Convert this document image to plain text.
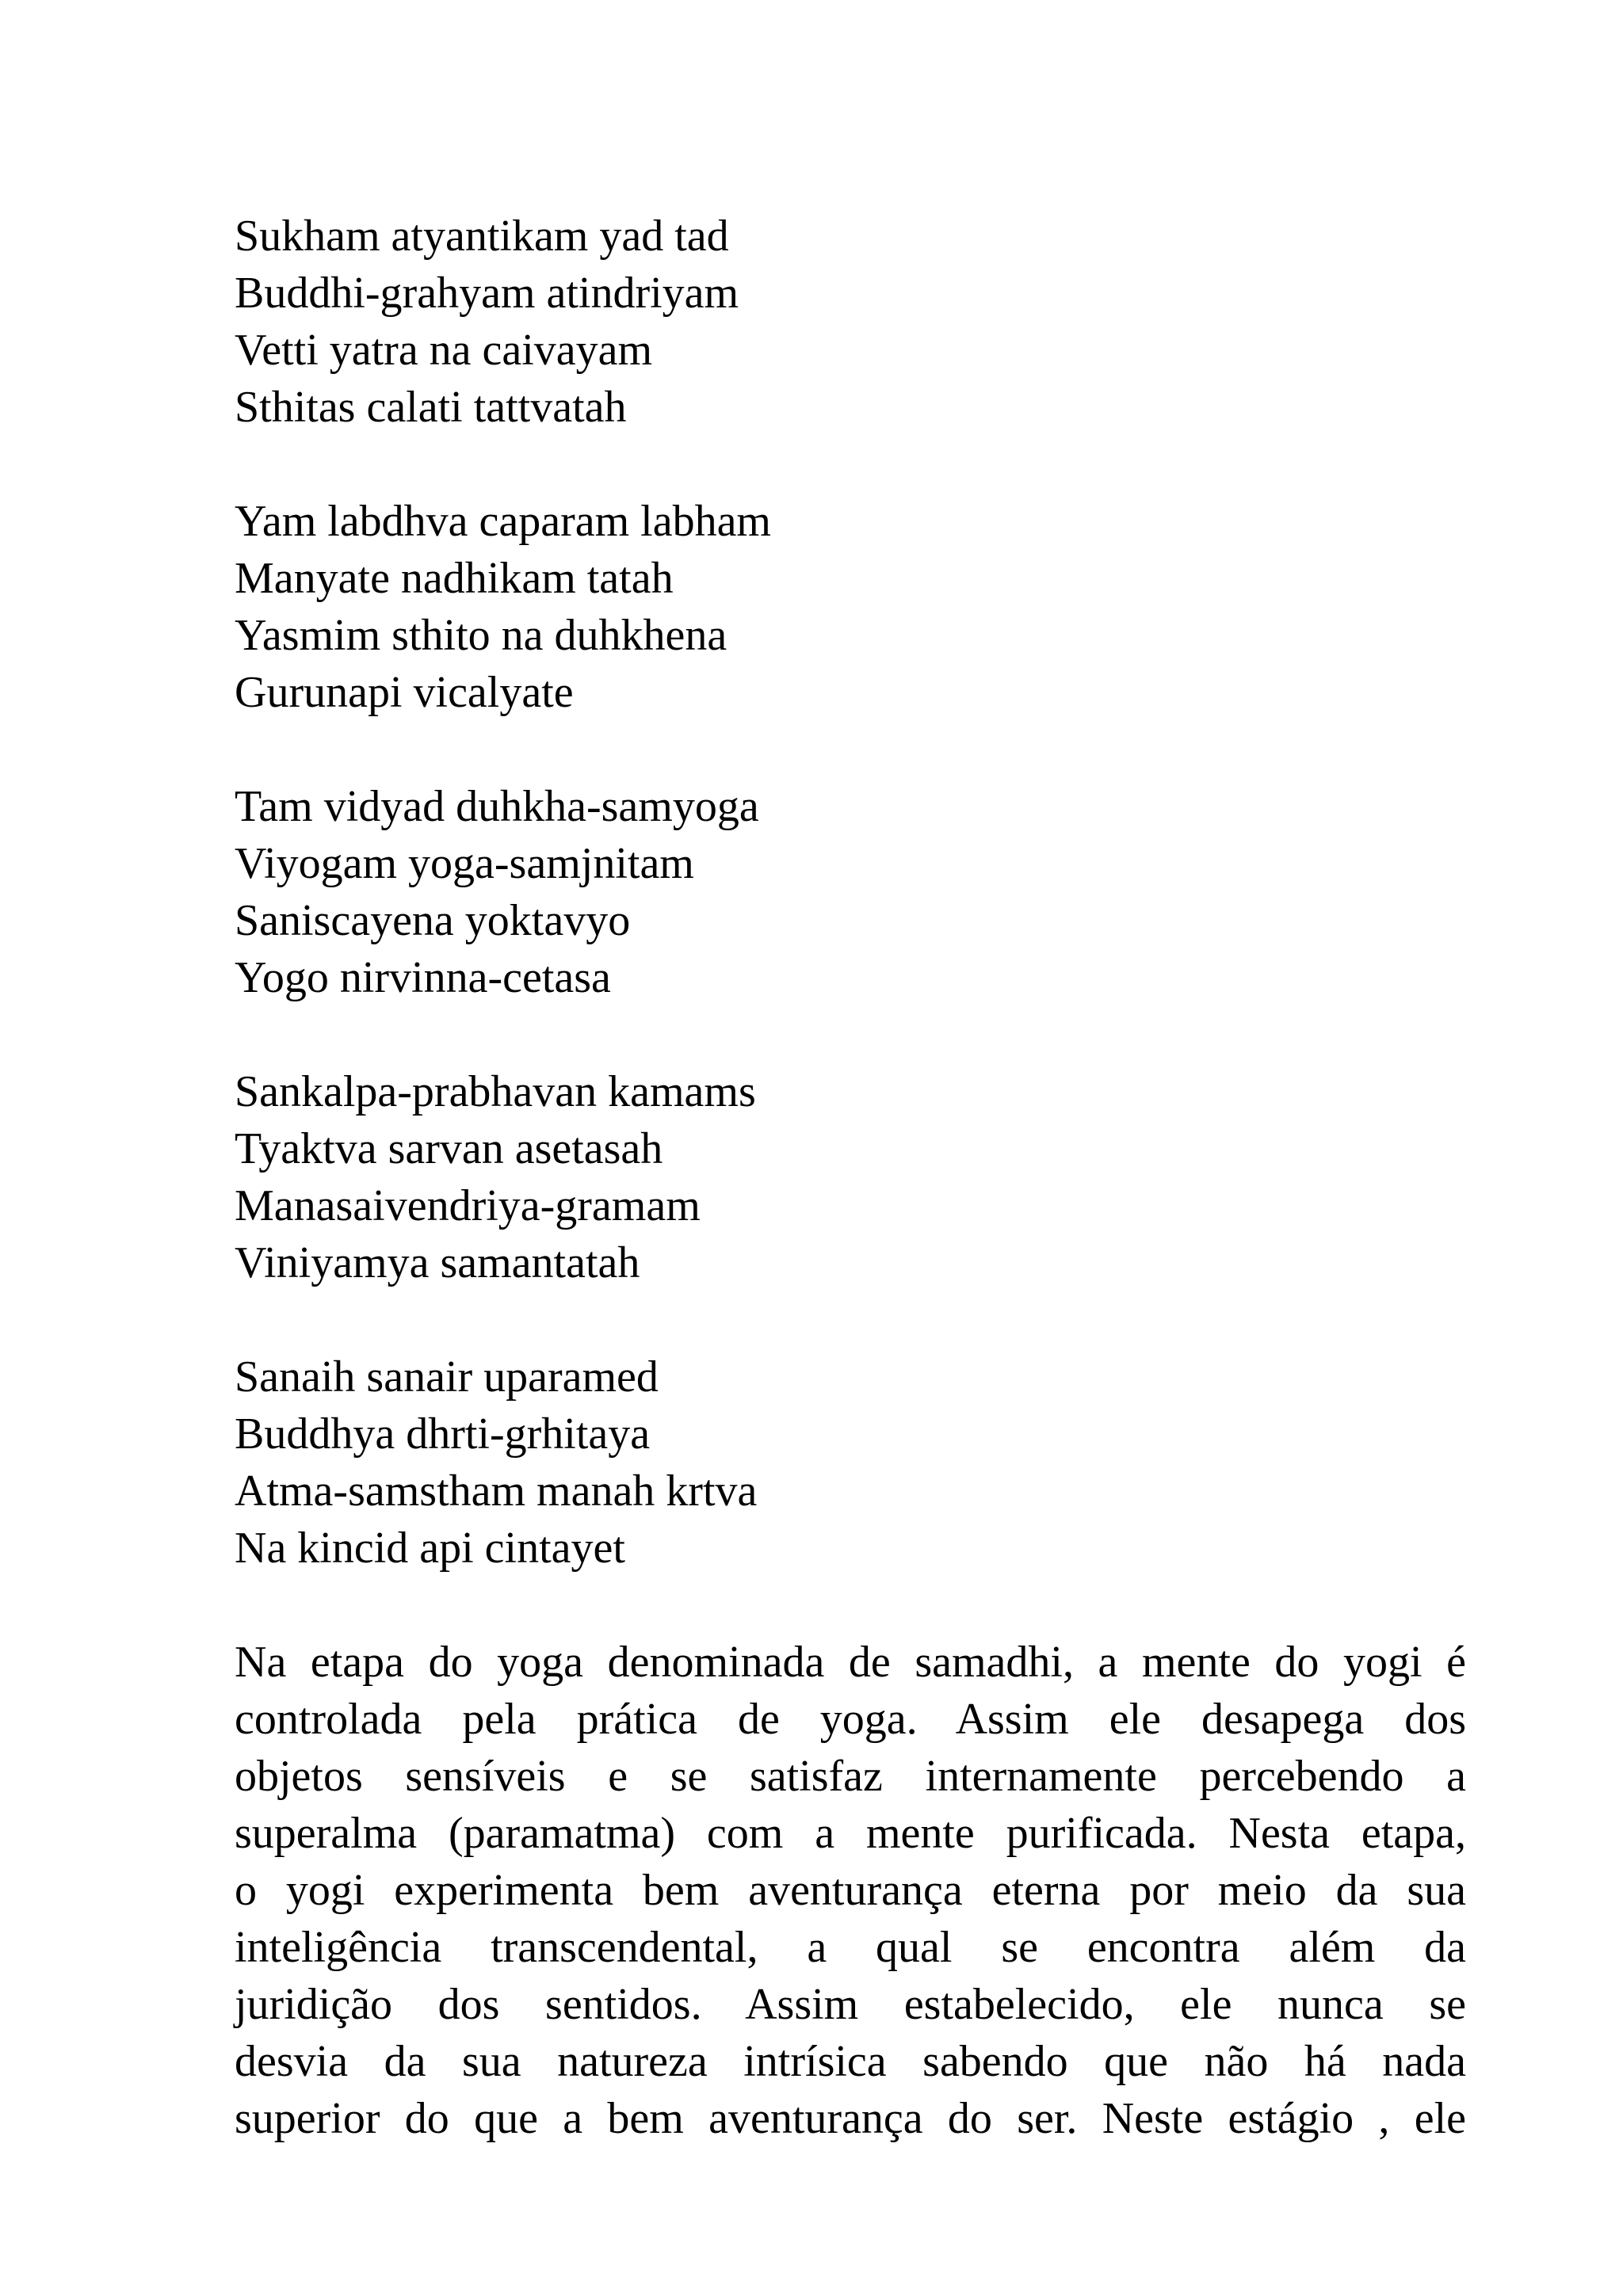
Sukham atyantikam yad tad
Buddhi-grahyam atindriyam
Vetti yatra na caivayam
Sthitas calati tattvatah
Yam labdhva caparam labham
Manyate nadhikam tatah
Yasmim sthito na duhkhena
Gurunapi vicalyate
Tam vidyad duhkha-samyoga
Viyogam yoga-samjnitam
Saniscayena yoktavyo
Yogo nirvinna-cetasa
Sankalpa-prabhavan kamams
Tyaktva sarvan asetasah
Manasaivendriya-gramam
Viniyamya samantatah
Sanaih sanair uparamed
Buddhya dhrti-grhitaya
Atma-samstham manah krtva
Na kincid api cintayet
Na etapa do yoga denominada de samadhi, a mente do yogi é
controlada pela prática de yoga. Assim ele desapega dos
objetos sensíveis e se satisfaz internamente percebendo a
superalma (paramatma) com a mente purificada. Nesta etapa,
o yogi experimenta bem aventurança eterna por meio da sua
inteligência transcendental, a qual se encontra além da
juridição dos sentidos. Assim estabelecido, ele nunca se
desvia da sua natureza intrísica sabendo que não há nada
superior do que a bem aventurança do ser. Neste estágio , ele
